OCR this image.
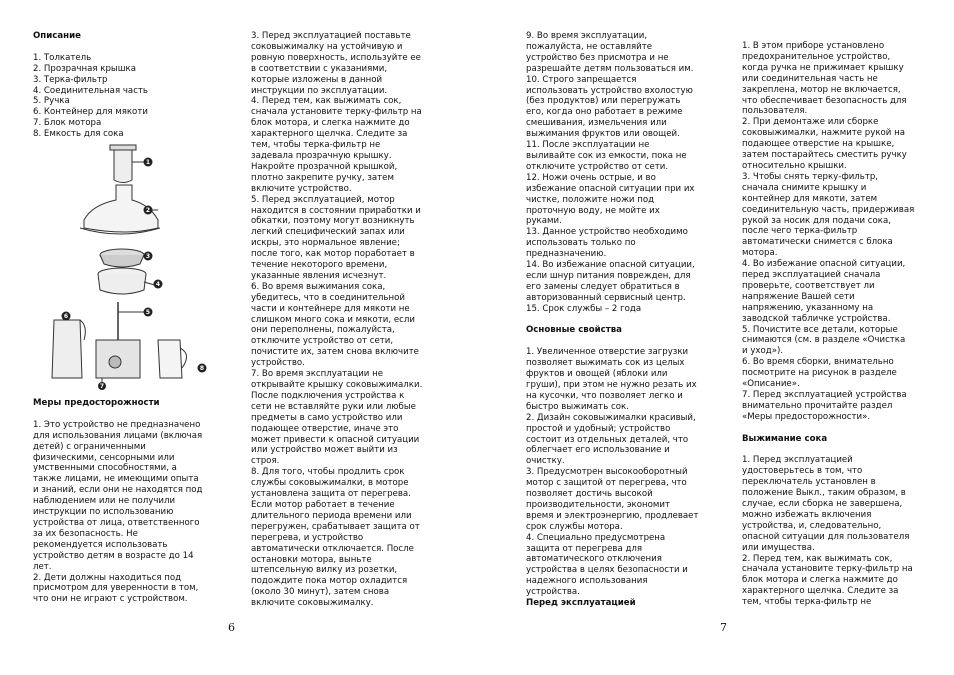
Описание

1. Толкатель
2. Прозрачная крышка
3. Терка-фильтр
4. Соединительная часть
5. Ручка
6. Контейнер для мякоти
7. Блок мотора
8. Емкость для сока

Меры предосторожности

1. Это устройство не предназначено
для использования лицами (включая
детей) с ограниченными
физическими, сенсорными или
умственными способностями, а
также лицами, не имеющими опыта
и знаний, если они не находятся под
наблюдением или не получили
инструкции по использованию
устройства от лица, ответственного
за их безопасность. Не
рекомендуется использовать
устройство детям в возрасте до 14
лет.
2. Дети должны находиться под
присмотром для уверенности в том,
что они не играют с устройством.

1
2
3
4
5
6
7
8

3. Перед эксплуатацией поставьте
соковыжималку на устойчивую и
ровную поверхность, используйте ее
в соответствии с указаниями,
которые изложены в данной
инструкции по эксплуатации.
4. Перед тем, как выжимать сок,
сначала установите терку-фильтр на
блок мотора, и слегка нажмите до
характерного щелчка. Следите за
тем, чтобы терка-фильтр не
задевала прозрачную крышку.
Накройте прозрачной крышкой,
плотно закрепите ручку, затем
включите устройство.
5. Перед эксплуатацией, мотор
находится в состоянии приработки и
обкатки, поэтому могут возникнуть
легкий специфический запах или
искры, это нормальное явление;
после того, как мотор поработает в
течение некоторого времени,
указанные явления исчезнут.
6. Во время выжимания сока,
убедитесь, что в соединительной
части и контейнере для мякоти не
слишком много сока и мякоти, если
они переполнены, пожалуйста,
отключите устройство от сети,
почистите их, затем снова включите
устройство.
7. Во время эксплуатации не
открывайте крышку соковыжималки.
После подключения устройства к
сети не вставляйте руки или любые
предметы в само устройство или
подающее отверстие, иначе это
может привести к опасной ситуации
или устройство может выйти из
строя.
8. Для того, чтобы продлить срок
службы соковыжималки, в моторе
установлена защита от перегрева.
Если мотор работает в течение
длительного периода времени или
перегружен, срабатывает защита от
перегрева, и устройство
автоматически отключается. После
остановки мотора, выньте
штепсельную вилку из розетки,
подождите пока мотор охладится
(около 30 минут), затем снова
включите соковыжималку.

6

9. Во время эксплуатации,
пожалуйста, не оставляйте
устройство без присмотра и не
разрешайте детям пользоваться им.
10. Строго запрещается
использовать устройство вхолостую
(без продуктов) или перегружать
его, когда оно работает в режиме
смешивания, измельчения или
выжимания фруктов или овощей.
11. После эксплуатации не
выливайте сок из емкости, пока не
отключите устройство от сети.
12. Ножи очень острые, и во
избежание опасной ситуации при их
чистке, положите ножи под
проточную воду, не мойте их
руками.
13. Данное устройство необходимо
использовать только по
предназначению.
14. Во избежание опасной ситуации,
если шнур питания поврежден, для
его замены следует обратиться в
авторизованный сервисный центр.
15. Срок службы – 2 года

Основные свойства

1. Увеличенное отверстие загрузки
позволяет выжимать сок из целых
фруктов и овощей (яблоки или
груши), при этом не нужно резать их
на кусочки, что позволяет легко и
быстро выжимать сок.
2. Дизайн соковыжималки красивый,
простой и удобный; устройство
состоит из отдельных деталей, что
облегчает его использование и
очистку.
3. Предусмотрен высокооборотный
мотор с защитой от перегрева, что
позволяет достичь высокой
производительности, экономит
время и электроэнергию, продлевает
срок службы мотора.
4. Специально предусмотрена
защита от перегрева для
автоматического отключения
устройства в целях безопасности и
надежного использования
устройства.

Перед эксплуатацией

1. В этом приборе установлено
предохранительное устройство,
когда ручка не прижимает крышку
или соединительная часть не
закреплена, мотор не включается,
что обеспечивает безопасность для
пользователя.
2. При демонтаже или сборке
соковыжималки, нажмите рукой на
подающее отверстие на крышке,
затем постарайтесь сместить ручку
относительно крышки.
3. Чтобы снять терку-фильтр,
сначала снимите крышку и
контейнер для мякоти, затем
соединительную часть, придерживая
рукой за носик для подачи сока,
после чего терка-фильтр
автоматически снимется с блока
мотора.
4. Во избежание опасной ситуации,
перед эксплуатацией сначала
проверьте, соответствует ли
напряжение Вашей сети
напряжению, указанному на
заводской табличке устройства.
5. Почистите все детали, которые
снимаются (см. в разделе «Очистка
и уход»).
6. Во время сборки, внимательно
посмотрите на рисунок в разделе
«Описание».
7. Перед эксплуатацией устройства
внимательно прочитайте раздел
«Меры предосторожности».

Выжимание сока

1. Перед эксплуатацией
удостоверьтесь в том, что
переключатель установлен в
положение Выкл., таким образом, в
случае, если сборка не завершена,
можно избежать включения
устройства, и, следовательно,
опасной ситуации для пользователя
или имущества.
2. Перед тем, как выжимать сок,
сначала установите терку-фильтр на
блок мотора и слегка нажмите до
характерного щелчка. Следите за
тем, чтобы терка-фильтр не

7
